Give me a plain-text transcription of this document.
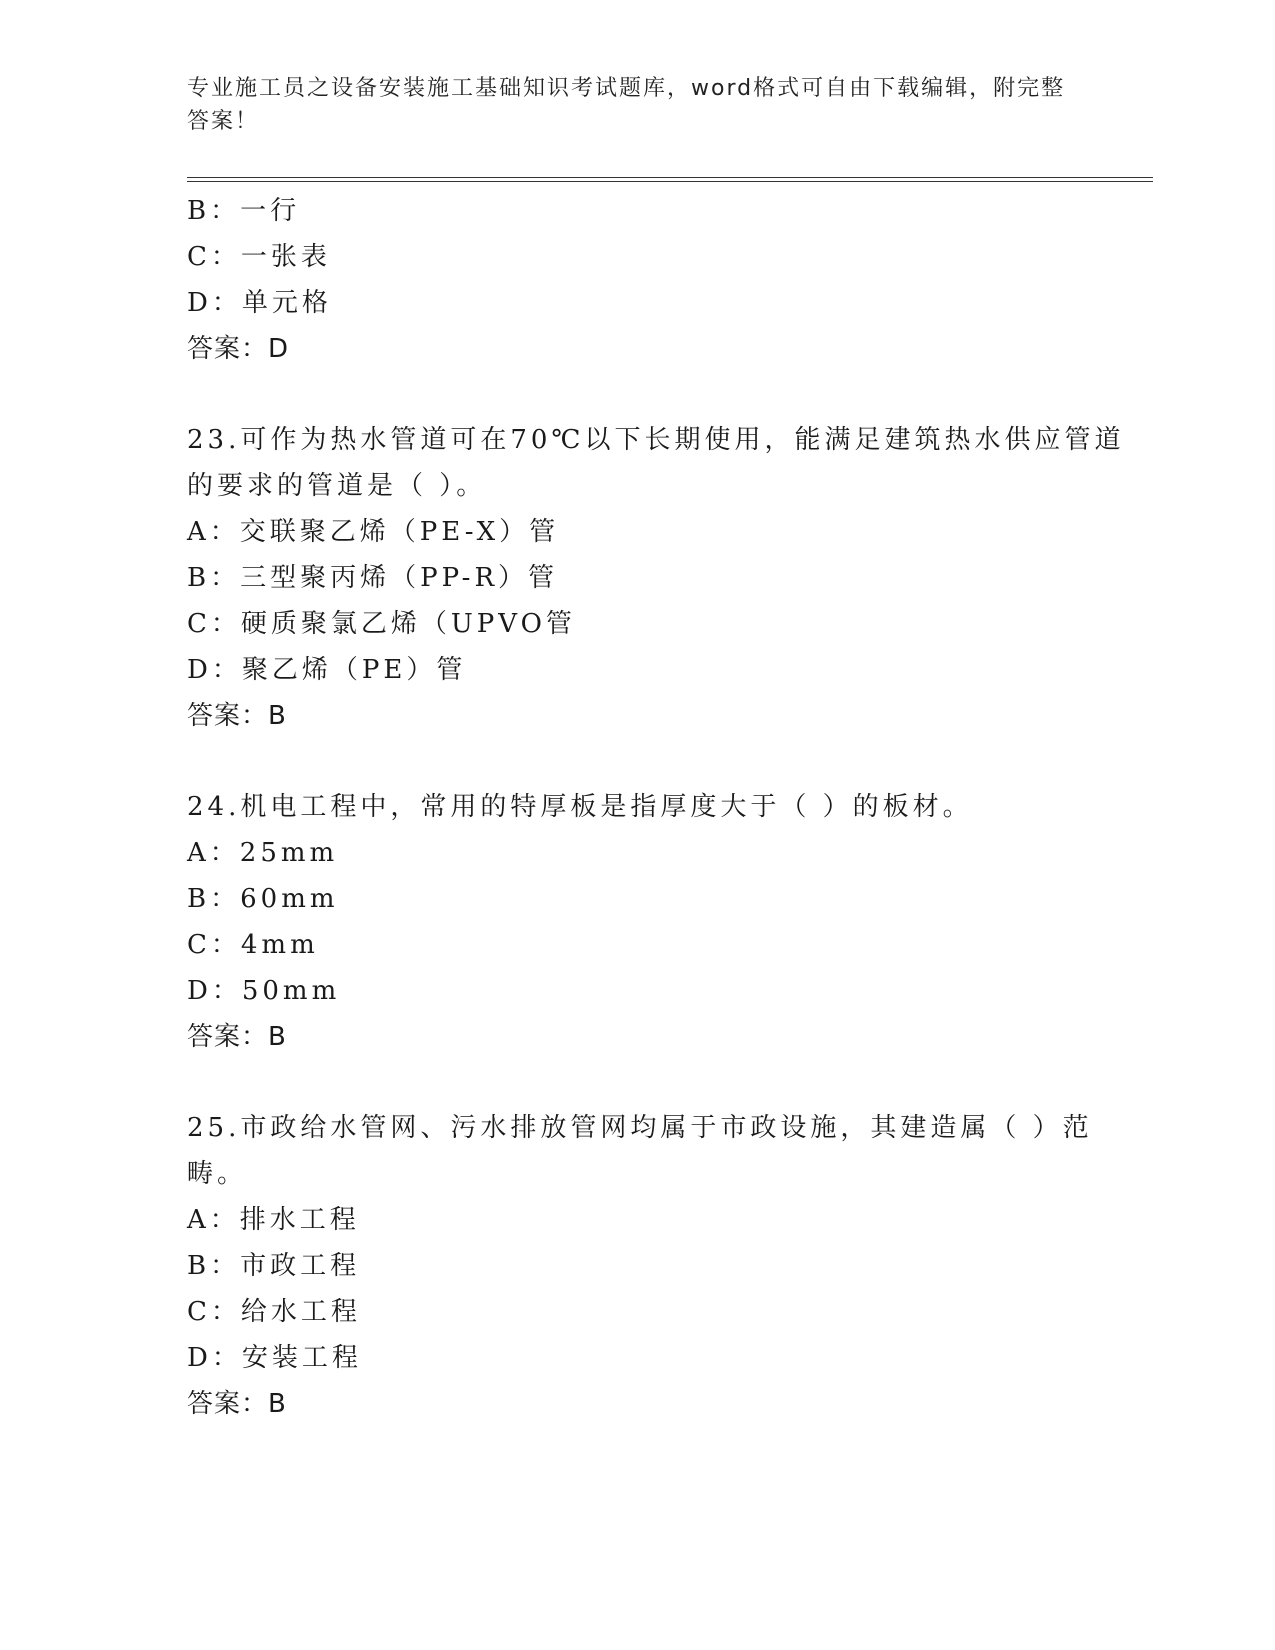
专业施工员之设备安装施工基础知识考试题库，word格式可自由下载编辑，附完整答案！
B：一行
C：一张表
D：单元格
答案：D
23.可作为热水管道可在70℃以下长期使用，能满足建筑热水供应管道
的要求的管道是（ ）。
A：交联聚乙烯（PE-X）管
B：三型聚丙烯（PP-R）管
C：硬质聚氯乙烯（UPVO管
D：聚乙烯（PE）管
答案：B
24.机电工程中，常用的特厚板是指厚度大于（ ）的板材。
A：25mm
B：60mm
C：4mm
D：50mm
答案：B
25.市政给水管网、污水排放管网均属于市政设施，其建造属（ ）范
畴。
A：排水工程
B：市政工程
C：给水工程
D：安装工程
答案：B
